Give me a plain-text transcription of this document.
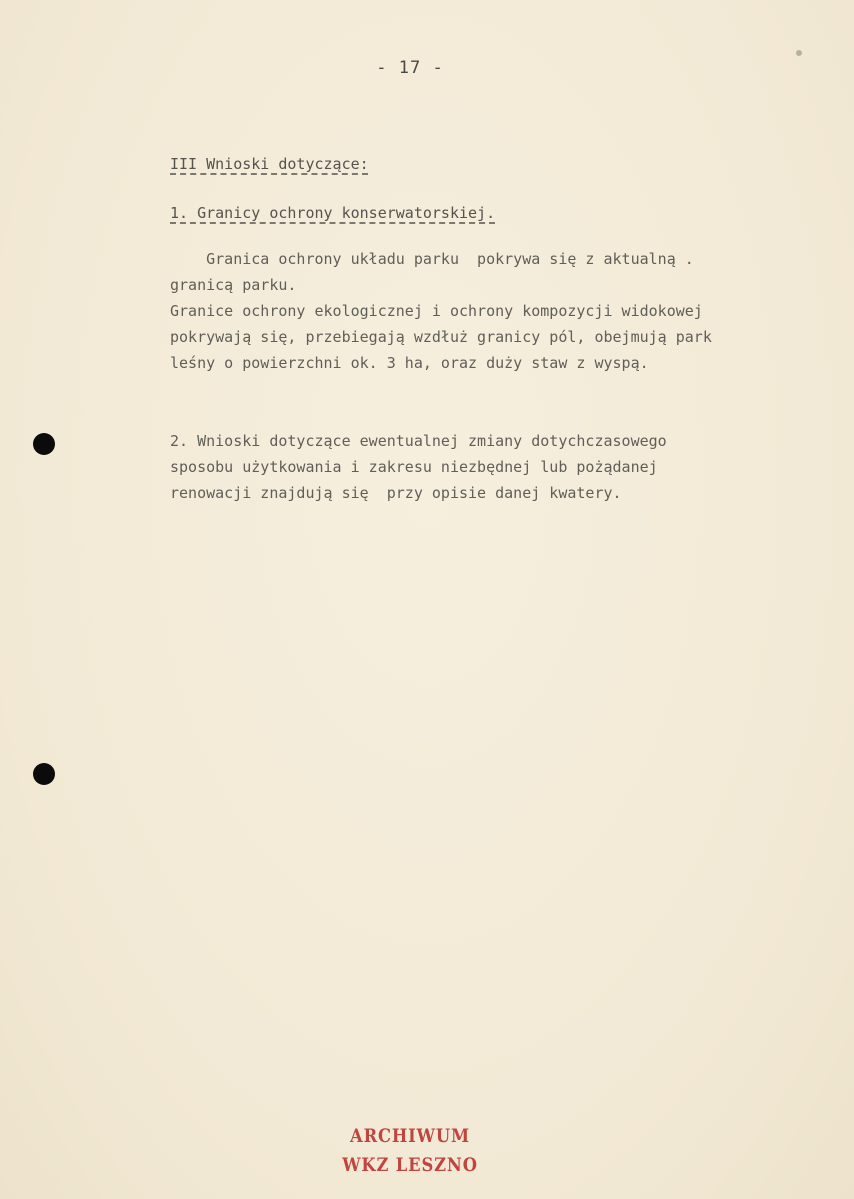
- 17 -
III Wnioski dotyczące:
1. Granicy ochrony konserwatorskiej.
Granica ochrony układu parku  pokrywa się z aktualną .
granicą parku.
Granice ochrony ekologicznej i ochrony kompozycji widokowej
pokrywają się, przebiegają wzdłuż granicy pól, obejmują park
leśny o powierzchni ok. 3 ha, oraz duży staw z wyspą.
2. Wnioski dotyczące ewentualnej zmiany dotychczasowego
sposobu użytkowania i zakresu niezbędnej lub pożądanej
renowacji znajdują się  przy opisie danej kwatery.
ARCHIWUM
WKZ LESZNO
